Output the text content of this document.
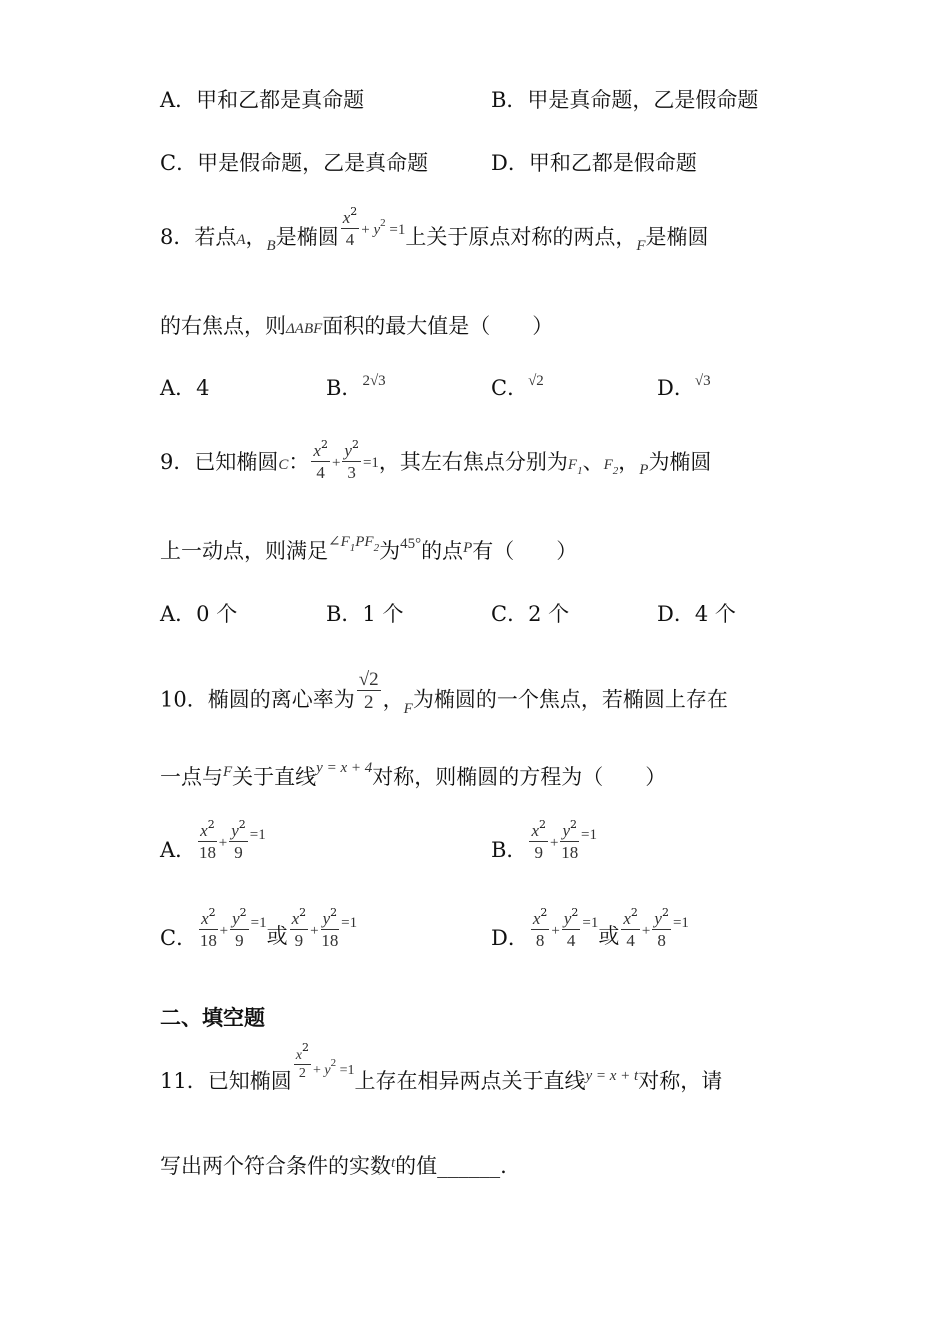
A．甲和乙都是真命题	B．甲是真命题，乙是假命题
C．甲是假命题，乙是真命题	D．甲和乙都是假命题
8．若点A，$_B$是椭圆 $\frac{x^2}{4} ^{+ y^2 =1}$上关于原点对称的两点，$_F$是椭圆
的右焦点，则ΔABF面积的最大值是（　　）
A．4	B．$^{2√3}$	C．$^{√2}$	D．$^{√3}$
9．已知椭圆C： $\frac{x^2}{4} + \frac{y^2}{3} =1$，其左右焦点分别为$F_1$、$F_2$，$_P$为椭圆
上一动点，则满足$^{\angle F_1PF_2}$为$^{45^\circ}$的点$^P$有（　　）
A．0 个	B．1 个	C．2 个	D．4 个
10．椭圆的离心率为 $\frac{√2}{2}$ ，$_F$为椭圆的一个焦点，若椭圆上存在
一点与$^F$关于直线$^{y = x + 4}$对称，则椭圆的方程为（　　）
A． $\frac{x^2}{18} + \frac{y^2}{9} ^{=1}$
B． $\frac{x^2}{9} + \frac{y^2}{18} ^{=1}$
C． $\frac{x^2}{18} + \frac{y^2}{9} ^{=1}$或 $\frac{x^2}{9} + \frac{y^2}{18} ^{=1}$
D． $\frac{x^2}{8} + \frac{y^2}{4} ^{=1}$或 $\frac{x^2}{4} + \frac{y^2}{8} ^{=1}$
二、填空题
11．已知椭圆 $\frac{x^2}{2} ^{+ y^2 =1}$上存在相异两点关于直线$^{y = x + t}$对称，请
写出两个符合条件的实数$^t$的值______.
